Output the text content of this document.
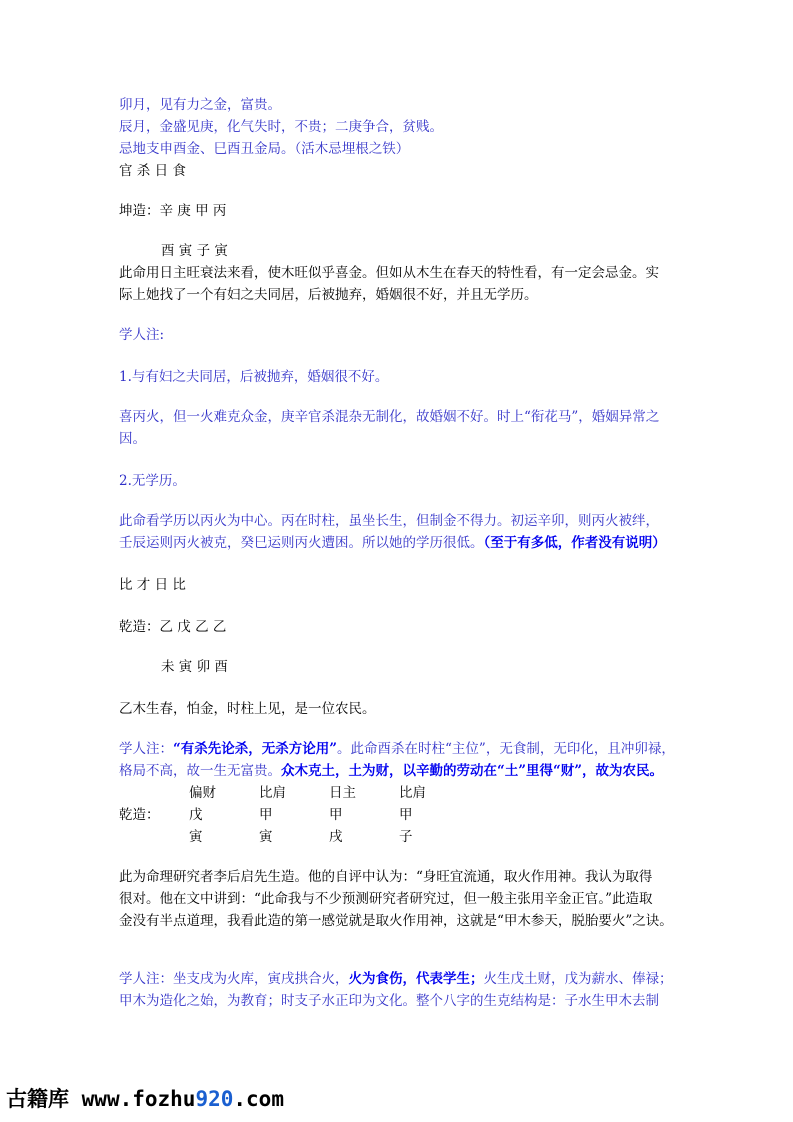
卯月，见有力之金，富贵。
辰月，金盛见庚，化气失时，不贵；二庚争合，贫贱。
忌地支申酉金、巳酉丑金局。（活木忌埋根之铁）
官 杀 日 食
坤造：辛 庚 甲 丙
酉 寅 子 寅
此命用日主旺衰法来看，使木旺似乎喜金。但如从木生在春天的特性看，有一定会忌金。实
际上她找了一个有妇之夫同居，后被抛弃，婚姻很不好，并且无学历。
学人注:
1.与有妇之夫同居，后被抛弃，婚姻很不好。
喜丙火，但一火难克众金，庚辛官杀混杂无制化，故婚姻不好。时上“衔花马”，婚姻异常之
因。
2.无学历。
此命看学历以丙火为中心。丙在时柱，虽坐长生，但制金不得力。初运辛卯，则丙火被绊，
壬辰运则丙火被克，癸巳运则丙火遭困。所以她的学历很低。（至于有多低，作者没有说明）
比 才 日 比
乾造：乙 戊 乙 乙
未 寅 卯 酉
乙木生春，怕金，时柱上见，是一位农民。
学人注：“有杀先论杀，无杀方论用”。此命酉杀在时柱“主位”，无食制，无印化，且冲卯禄，
格局不高，故一生无富贵。众木克土，土为财，以辛勤的劳动在“土”里得“财”，故为农民。
偏财	比肩	日主	比肩
乾造： 戊	甲	甲	甲
寅	寅	戌	子
此为命理研究者李后启先生造。他的自评中认为：“身旺宜流通，取火作用神。我认为取得
很对。他在文中讲到：“此命我与不少预测研究者研究过，但一般主张用辛金正官。”此造取
金没有半点道理，我看此造的第一感觉就是取火作用神，这就是“甲木参天，脱胎要火”之诀。
学人注：坐支戌为火库，寅戌拱合火，火为食伤，代表学生；火生戊土财，戊为薪水、俸禄；
甲木为造化之始，为教育；时支子水正印为文化。整个八字的生克结构是：子水生甲木去制
古籍库 www.fozhu920.com
